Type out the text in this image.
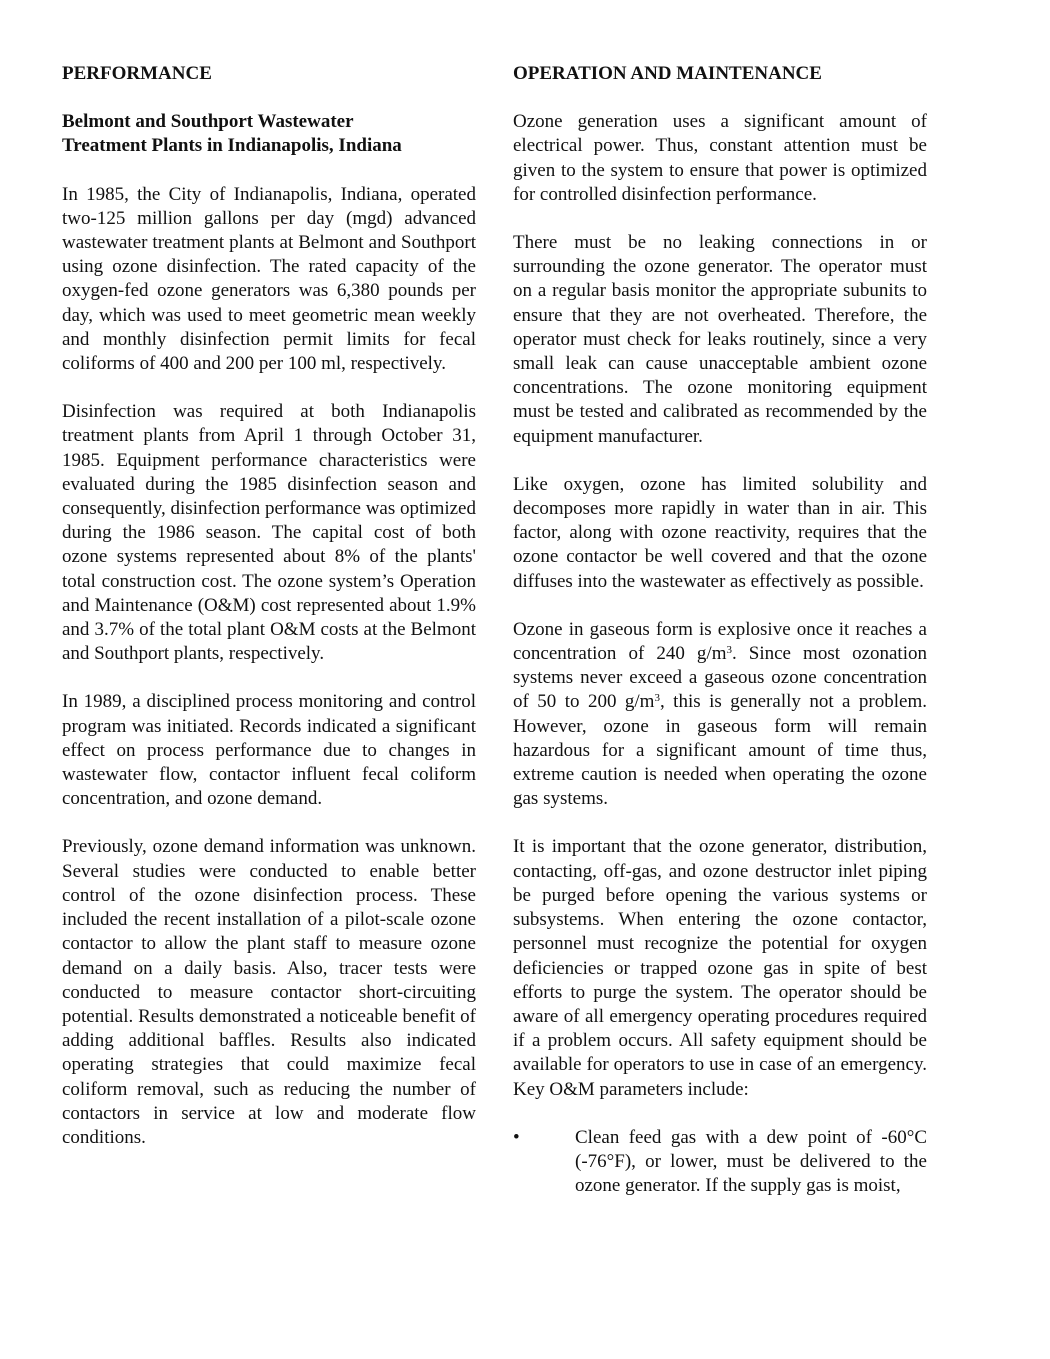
PERFORMANCE
Belmont and Southport Wastewater
Treatment Plants in Indianapolis, Indiana

In 1985, the City of Indianapolis, Indiana, operated two-125 million gallons per day (mgd) advanced wastewater treatment plants at Belmont and Southport using ozone disinfection. The rated capacity of the oxygen-fed ozone generators was 6,380 pounds per day, which was used to meet geometric mean weekly and monthly disinfection permit limits for fecal coliforms of 400 and 200 per 100 ml, respectively.

Disinfection was required at both Indianapolis treatment plants from April 1 through October 31, 1985. Equipment performance characteristics were evaluated during the 1985 disinfection season and consequently, disinfection performance was optimized during the 1986 season. The capital cost of both ozone systems represented about 8% of the plants' total construction cost. The ozone system’s Operation and Maintenance (O&M) cost represented about 1.9% and 3.7% of the total plant O&M costs at the Belmont and Southport plants, respectively.

In 1989, a disciplined process monitoring and control program was initiated. Records indicated a significant effect on process performance due to changes in wastewater flow, contactor influent fecal coliform concentration, and ozone demand.

Previously, ozone demand information was unknown. Several studies were conducted to enable better control of the ozone disinfection process. These included the recent installation of a pilot-scale ozone contactor to allow the plant staff to measure ozone demand on a daily basis. Also, tracer tests were conducted to measure contactor short-circuiting potential. Results demonstrated a noticeable benefit of adding additional baffles. Results also indicated operating strategies that could maximize fecal coliform removal, such as reducing the number of contactors in service at low and moderate flow conditions.

OPERATION AND MAINTENANCE

Ozone generation uses a significant amount of electrical power. Thus, constant attention must be given to the system to ensure that power is optimized for controlled disinfection performance.

There must be no leaking connections in or surrounding the ozone generator. The operator must on a regular basis monitor the appropriate subunits to ensure that they are not overheated. Therefore, the operator must check for leaks routinely, since a very small leak can cause unacceptable ambient ozone concentrations. The ozone monitoring equipment must be tested and calibrated as recommended by the equipment manufacturer.

Like oxygen, ozone has limited solubility and decomposes more rapidly in water than in air. This factor, along with ozone reactivity, requires that the ozone contactor be well covered and that the ozone diffuses into the wastewater as effectively as possible.

Ozone in gaseous form is explosive once it reaches a concentration of 240 $g/m^3$. Since most ozonation systems never exceed a gaseous ozone concentration of 50 to 200 $g/m^3$, this is generally not a problem. However, ozone in gaseous form will remain hazardous for a significant amount of time thus, extreme caution is needed when operating the ozone gas systems.

It is important that the ozone generator, distribution, contacting, off-gas, and ozone destructor inlet piping be purged before opening the various systems or subsystems. When entering the ozone contactor, personnel must recognize the potential for oxygen deficiencies or trapped ozone gas in spite of best efforts to purge the system. The operator should be aware of all emergency operating procedures required if a problem occurs. All safety equipment should be available for operators to use in case of an emergency. Key O&M parameters include:

•	Clean feed gas with a dew point of -60°C (-76°F), or lower, must be delivered to the ozone generator. If the supply gas is moist,
